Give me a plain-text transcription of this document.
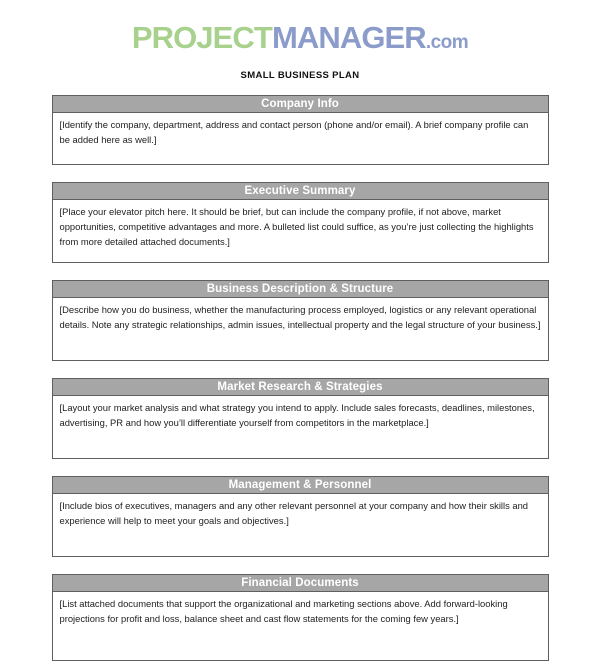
PROJECTMANAGER.com
SMALL BUSINESS PLAN
Company Info
[Identify the company, department, address and contact person (phone and/or email). A brief company profile can be added here as well.]
Executive Summary
[Place your elevator pitch here. It should be brief, but can include the company profile, if not above, market opportunities, competitive advantages and more. A bulleted list could suffice, as you’re just collecting the highlights from more detailed attached documents.]
Business Description & Structure
[Describe how you do business, whether the manufacturing process employed, logistics or any relevant operational details. Note any strategic relationships, admin issues, intellectual property and the legal structure of your business.]
Market Research & Strategies
[Layout your market analysis and what strategy you intend to apply. Include sales forecasts, deadlines, milestones, advertising, PR and how you’ll differentiate yourself from competitors in the marketplace.]
Management & Personnel
[Include bios of executives, managers and any other relevant personnel at your company and how their skills and experience will help to meet your goals and objectives.]
Financial Documents
[List attached documents that support the organizational and marketing sections above. Add forward-looking projections for profit and loss, balance sheet and cast flow statements for the coming few years.]
